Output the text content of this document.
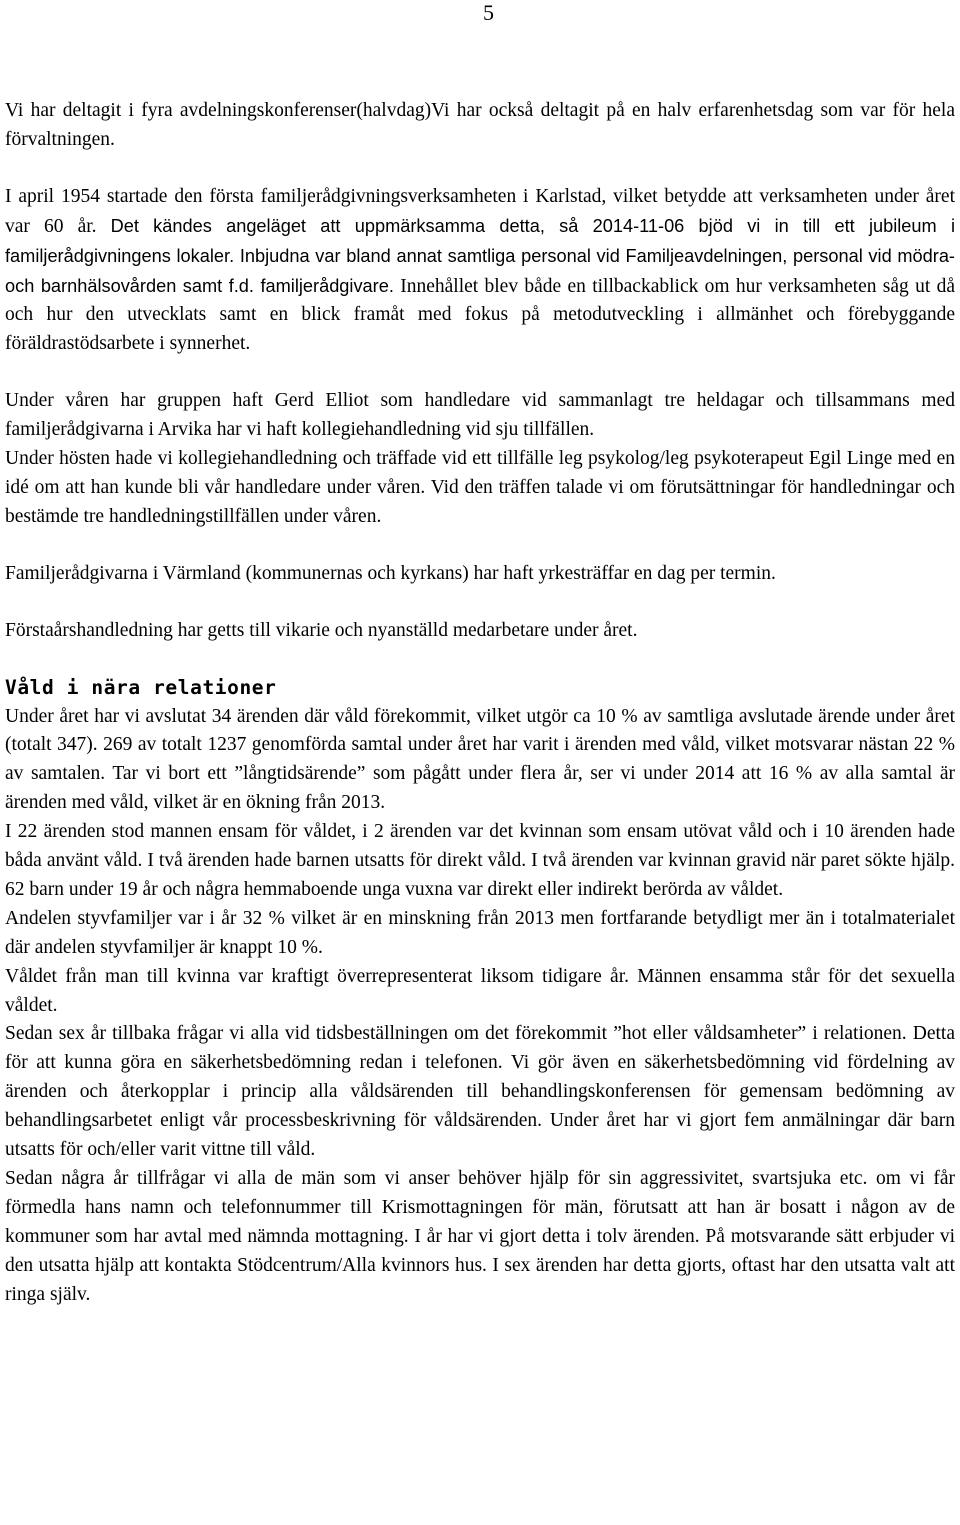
5

Vi har deltagit i fyra avdelningskonferenser(halvdag)Vi har också deltagit på en halv erfarenhetsdag som var för hela förvaltningen.

I april 1954 startade den första familjerådgivningsverksamheten i Karlstad, vilket betydde att verksamheten under året var 60 år. Det kändes angeläget att uppmärksamma detta, så 2014-11-06 bjöd vi in till ett jubileum i familjerådgivningens lokaler. Inbjudna var bland annat samtliga personal vid Familjeavdelningen, personal vid mödra- och barnhälsovården samt f.d. familjerådgivare. Innehållet blev både en tillbackablick om hur verksamheten såg ut då och hur den utvecklats samt en blick framåt med fokus på metodutveckling i allmänhet och förebyggande föräldrastödsarbete i synnerhet.

Under våren har gruppen haft Gerd Elliot som handledare vid sammanlagt tre heldagar och tillsammans med familjerådgivarna i Arvika har vi haft kollegiehandledning vid sju tillfällen.

Under hösten hade vi kollegiehandledning och träffade vid ett tillfälle leg psykolog/leg psykoterapeut Egil Linge med en idé om att han kunde bli vår handledare under våren. Vid den träffen talade vi om förutsättningar för handledningar och bestämde tre handledningstillfällen under våren.

Familjerådgivarna i Värmland (kommunernas och kyrkans) har haft yrkesträffar en dag per termin.

Förstaårshandledning har getts till vikarie och nyanställd medarbetare under året.

Våld i nära relationer

Under året har vi avslutat 34 ärenden där våld förekommit, vilket utgör ca 10 % av samtliga avslutade ärende under året (totalt 347). 269 av totalt 1237 genomförda samtal under året har varit i ärenden med våld, vilket motsvarar nästan 22 % av samtalen. Tar vi bort ett ”långtidsärende” som pågått under flera år, ser vi under 2014 att 16 % av alla samtal är ärenden med våld, vilket är en ökning från 2013.

I 22 ärenden stod mannen ensam för våldet, i 2 ärenden var det kvinnan som ensam utövat våld och i 10 ärenden hade båda använt våld. I två ärenden hade barnen utsatts för direkt våld. I två ärenden var kvinnan gravid när paret sökte hjälp. 62 barn under 19 år och några hemmaboende unga vuxna var direkt eller indirekt berörda av våldet.

Andelen styvfamiljer var i år 32 % vilket är en minskning från 2013 men fortfarande betydligt mer än i totalmaterialet där andelen styvfamiljer är knappt 10 %.

Våldet från man till kvinna var kraftigt överrepresenterat liksom tidigare år. Männen ensamma står för det sexuella våldet.

Sedan sex år tillbaka frågar vi alla vid tidsbeställningen om det förekommit ”hot eller våldsamheter” i relationen. Detta för att kunna göra en säkerhetsbedömning redan i telefonen. Vi gör även en säkerhetsbedömning vid fördelning av ärenden och återkopplar i princip alla våldsärenden till behandlingskonferensen för gemensam bedömning av behandlingsarbetet enligt vår processbeskrivning för våldsärenden. Under året har vi gjort fem anmälningar där barn utsatts för och/eller varit vittne till våld.

Sedan några år tillfrågar vi alla de män som vi anser behöver hjälp för sin aggressivitet, svartsjuka etc. om vi får förmedla hans namn och telefonnummer till Krismottagningen för män, förutsatt att han är bosatt i någon av de kommuner som har avtal med nämnda mottagning. I år har vi gjort detta i tolv ärenden. På motsvarande sätt erbjuder vi den utsatta hjälp att kontakta Stödcentrum/Alla kvinnors hus. I sex ärenden har detta gjorts, oftast har den utsatta valt att ringa själv.
